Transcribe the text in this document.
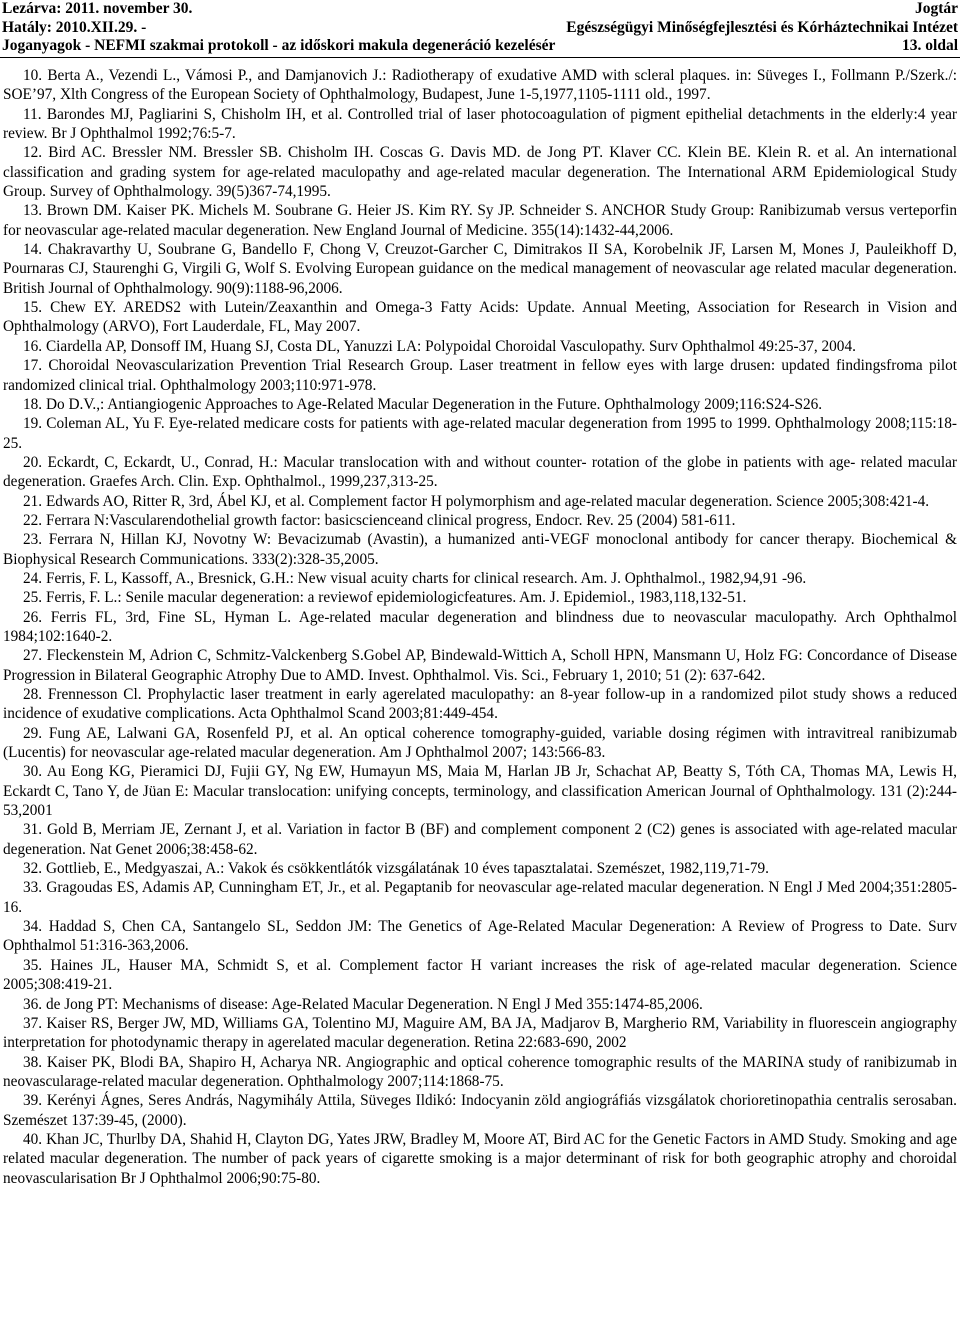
Lezárva: 2011. november 30.
Hatály: 2010.XII.29. -
Joganyagok - NEFMI szakmai protokoll - az időskori makula degeneráció kezelésér
Jogtár
Egészségügyi Minőségfejlesztési és Kórháztechnikai Intézet
13. oldal

10. Berta A., Vezendi L., Vámosi P., and Damjanovich J.: Radiotherapy of exudative AMD with scleral plaques. in: Süveges I., Follmann P./Szerk./: SOE’97, Xlth Congress of the European Society of Ophthalmology, Budapest, June 1-5,1977,1105-1111 old., 1997.

11. Barondes MJ, Pagliarini S, Chisholm IH, et al. Controlled trial of laser photocoagulation of pigment epithelial detachments in the elderly:4 year review. Br J Ophthalmol 1992;76:5-7.

12. Bird AC. Bressler NM. Bressler SB. Chisholm IH. Coscas G. Davis MD. de Jong PT. Klaver CC. Klein BE. Klein R. et al. An international classification and grading system for age-related maculopathy and age-related macular degeneration. The International ARM Epidemiological Study Group. Survey of Ophthalmology. 39(5)367-74,1995.

13. Brown DM. Kaiser PK. Michels M. Soubrane G. Heier JS. Kim RY. Sy JP. Schneider S. ANCHOR Study Group: Ranibizumab versus verteporfin for neovascular age-related macular degeneration. New England Journal of Medicine. 355(14):1432-44,2006.

14. Chakravarthy U, Soubrane G, Bandello F, Chong V, Creuzot-Garcher C, Dimitrakos II SA, Korobelnik JF, Larsen M, Mones J, Pauleikhoff D, Pournaras CJ, Staurenghi G, Virgili G, Wolf S. Evolving European guidance on the medical management of neovascular age related macular degeneration. British Journal of Ophthalmology. 90(9):1188-96,2006.

15. Chew EY. AREDS2 with Lutein/Zeaxanthin and Omega-3 Fatty Acids: Update. Annual Meeting, Association for Research in Vision and Ophthalmology (ARVO), Fort Lauderdale, FL, May 2007.

16. Ciardella AP, Donsoff IM, Huang SJ, Costa DL, Yanuzzi LA: Polypoidal Choroidal Vasculopathy. Surv Ophthalmol 49:25-37, 2004.

17. Choroidal Neovascularization Prevention Trial Research Group. Laser treatment in fellow eyes with large drusen: updated findingsfroma pilot randomized clinical trial. Ophthalmology 2003;110:971-978.

18. Do D.V.,: Antiangiogenic Approaches to Age-Related Macular Degeneration in the Future. Ophthalmology 2009;116:S24-S26.

19. Coleman AL, Yu F. Eye-related medicare costs for patients with age-related macular degeneration from 1995 to 1999. Ophthalmology 2008;115:18-25.

20. Eckardt, C, Eckardt, U., Conrad, H.: Macular translocation with and without counter- rotation of the globe in patients with age- related macular degeneration. Graefes Arch. Clin. Exp. Ophthalmol., 1999,237,313-25.

21. Edwards AO, Ritter R, 3rd, Ábel KJ, et al. Complement factor H polymorphism and age-related macular degeneration. Science 2005;308:421-4.

22. Ferrara N:Vascularendothelial growth factor: basicscienceand clinical progress, Endocr. Rev. 25 (2004) 581-611.

23. Ferrara N, Hillan KJ, Novotny W: Bevacizumab (Avastin), a humanized anti-VEGF monoclonal antibody for cancer therapy. Biochemical & Biophysical Research Communications. 333(2):328-35,2005.

24. Ferris, F. L, Kassoff, A., Bresnick, G.H.: New visual acuity charts for clinical research. Am. J. Ophthalmol., 1982,94,91 -96.

25. Ferris, F. L.: Senile macular degeneration: a reviewof epidemiologicfeatures. Am. J. Epidemiol., 1983,118,132-51.

26. Ferris FL, 3rd, Fine SL, Hyman L. Age-related macular degeneration and blindness due to neovascular maculopathy. Arch Ophthalmol 1984;102:1640-2.

27. Fleckenstein M, Adrion C, Schmitz-Valckenberg S.Gobel AP, Bindewald-Wittich A, Scholl HPN, Mansmann U, Holz FG: Concordance of Disease Progression in Bilateral Geographic Atrophy Due to AMD. Invest. Ophthalmol. Vis. Sci., February 1, 2010; 51 (2): 637-642.

28. Frennesson Cl. Prophylactic laser treatment in early agerelated maculopathy: an 8-year follow-up in a randomized pilot study shows a reduced incidence of exudative complications. Acta Ophthalmol Scand 2003;81:449-454.

29. Fung AE, Lalwani GA, Rosenfeld PJ, et al. An optical coherence tomography-guided, variable dosing régimen with intravitreal ranibizumab (Lucentis) for neovascular age-related macular degeneration. Am J Ophthalmol 2007; 143:566-83.

30. Au Eong KG, Pieramici DJ, Fujii GY, Ng EW, Humayun MS, Maia M, Harlan JB Jr, Schachat AP, Beatty S, Tóth CA, Thomas MA, Lewis H, Eckardt C, Tano Y, de Jüan E: Macular translocation: unifying concepts, terminology, and classification American Journal of Ophthalmology. 131 (2):244-53,2001

31. Gold B, Merriam JE, Zernant J, et al. Variation in factor B (BF) and complement component 2 (C2) genes is associated with age-related macular degeneration. Nat Genet 2006;38:458-62.

32. Gottlieb, E., Medgyaszai, A.: Vakok és csökkentlátók vizsgálatának 10 éves tapasztalatai. Szemészet, 1982,119,71-79.

33. Gragoudas ES, Adamis AP, Cunningham ET, Jr., et al. Pegaptanib for neovascular age-related macular degeneration. N Engl J Med 2004;351:2805-16.

34. Haddad S, Chen CA, Santangelo SL, Seddon JM: The Genetics of Age-Related Macular Degeneration: A Review of Progress to Date. Surv Ophthalmol 51:316-363,2006.

35. Haines JL, Hauser MA, Schmidt S, et al. Complement factor H variant increases the risk of age-related macular degeneration. Science 2005;308:419-21.

36. de Jong PT: Mechanisms of disease: Age-Related Macular Degeneration. N Engl J Med 355:1474-85,2006.

37. Kaiser RS, Berger JW, MD, Williams GA, Tolentino MJ, Maguire AM, BA JA, Madjarov B, Margherio RM, Variability in fluorescein angiography interpretation for photodynamic therapy in agerelated macular degeneration. Retina 22:683-690, 2002

38. Kaiser PK, Blodi BA, Shapiro H, Acharya NR. Angiographic and optical coherence tomographic results of the MARINA study of ranibizumab in neovascularage-related macular degeneration. Ophthalmology 2007;114:1868-75.

39. Kerényi Ágnes, Seres András, Nagymihály Attila, Süveges Ildikó: Indocyanin zöld angiográfiás vizsgálatok chorioretinopathia centralis serosaban. Szemészet 137:39-45, (2000).

40. Khan JC, Thurlby DA, Shahid H, Clayton DG, Yates JRW, Bradley M, Moore AT, Bird AC for the Genetic Factors in AMD Study. Smoking and age related macular degeneration. The number of pack years of cigarette smoking is a major determinant of risk for both geographic atrophy and choroidal neovascularisation Br J Ophthalmol 2006;90:75-80.
